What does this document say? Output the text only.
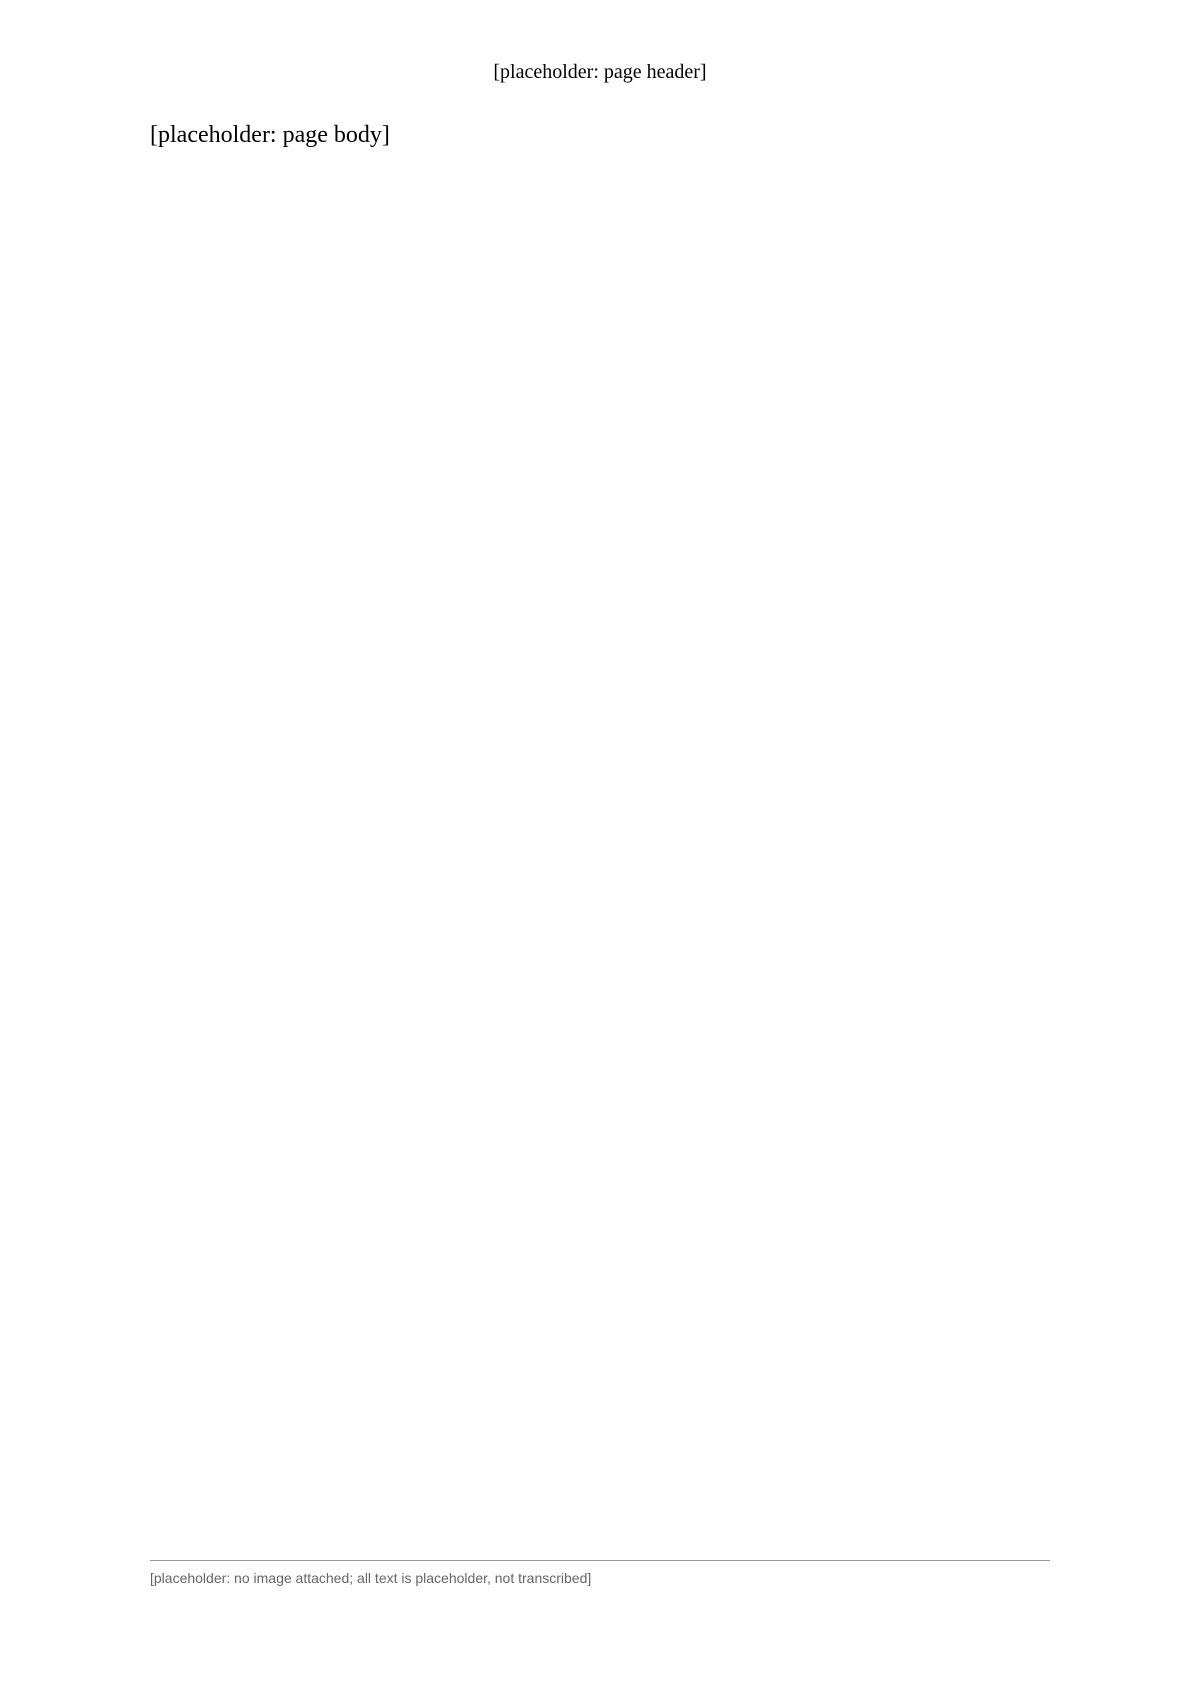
[placeholder: page header]
[placeholder: page body]
[placeholder: no image attached; all text is placeholder, not transcribed]
